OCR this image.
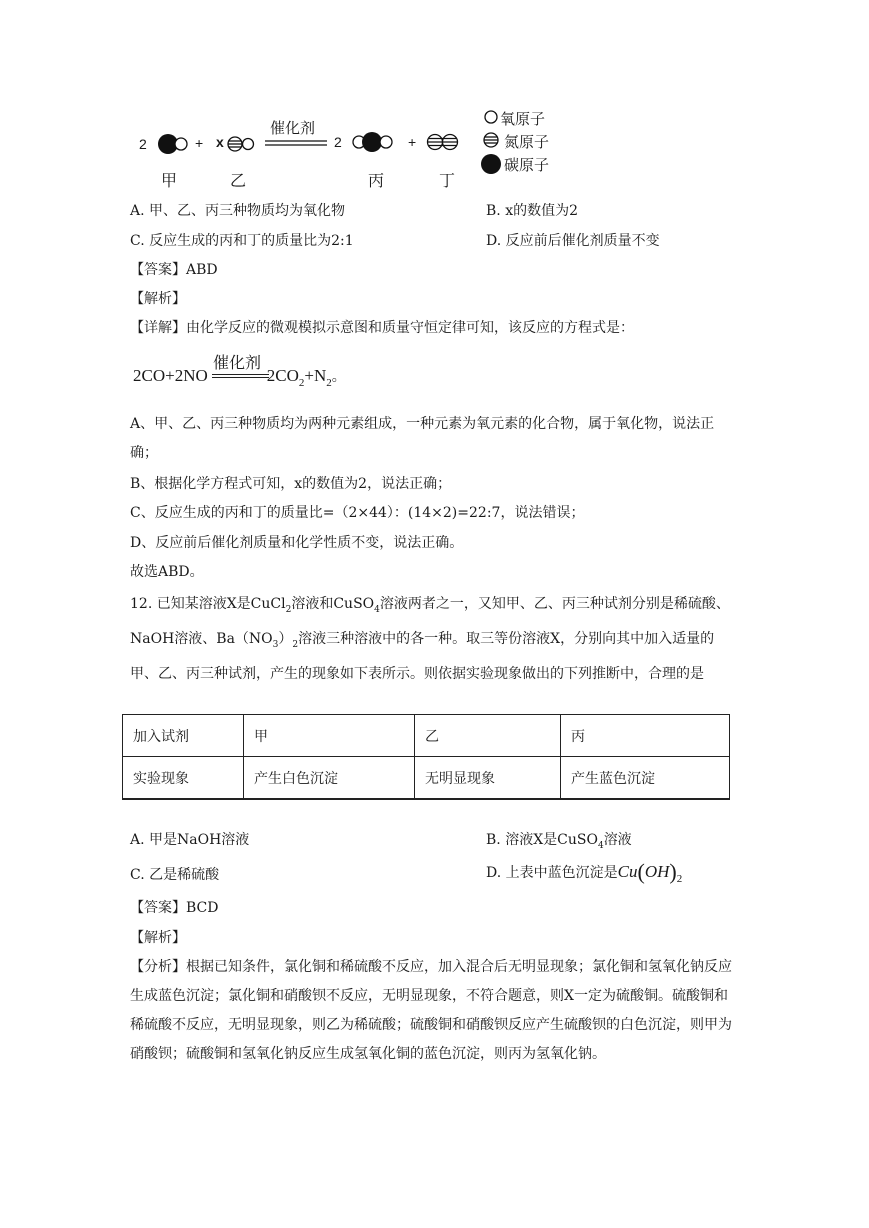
2	+ x
催化剂
2	+
甲	乙	丙	丁
氧原子
氮原子
碳原子
A. 甲、乙、丙三种物质均为氧化物	B. x的数值为2
C. 反应生成的丙和丁的质量比为2:1	D. 反应前后催化剂质量不变
【答案】ABD
【解析】
【详解】由化学反应的微观模拟示意图和质量守恒定律可知，该反应的方程式是：
2CO+2NO	$2CO_2+N_2$。
催化剂
A、甲、乙、丙三种物质均为两种元素组成，一种元素为氧元素的化合物，属于氧化物，说法正确；
B、根据化学方程式可知，x的数值为2，说法正确；
C、反应生成的丙和丁的质量比=（2×44）：(14×2)=22:7，说法错误；
D、反应前后催化剂质量和化学性质不变，说法正确。
故选ABD。
12. 已知某溶液X是CuCl$_2$溶液和CuSO$_4$溶液两者之一，又知甲、乙、丙三种试剂分别是稀硫酸、NaOH溶液、$Ba(NO_3)_2$溶液三种溶液中的各一种。取三等份溶液X，分别向其中加入适量的甲、乙、丙三种试剂，产生的现象如下表所示。则依据实验现象做出的下列推断中，合理的是
加入试剂	甲	乙	丙
实验现象	产生白色沉淀	无明显现象	产生蓝色沉淀
A. 甲是NaOH溶液	B. 溶液X是CuSO$_4$溶液
C. 乙是稀硫酸	D. 上表中蓝色沉淀是$Cu(OH)_2$
【答案】BCD
【解析】
【分析】根据已知条件，氯化铜和稀硫酸不反应，加入混合后无明显现象；氯化铜和氢氧化钠反应生成蓝色沉淀；氯化铜和硝酸钡不反应，无明显现象，不符合题意，则X一定为硫酸铜。硫酸铜和稀硫酸不反应，无明显现象，则乙为稀硫酸；硫酸铜和硝酸钡反应产生硫酸钡的白色沉淀，则甲为硝酸钡；硫酸铜和氢氧化钠反应生成氢氧化铜的蓝色沉淀，则丙为氢氧化钠。
